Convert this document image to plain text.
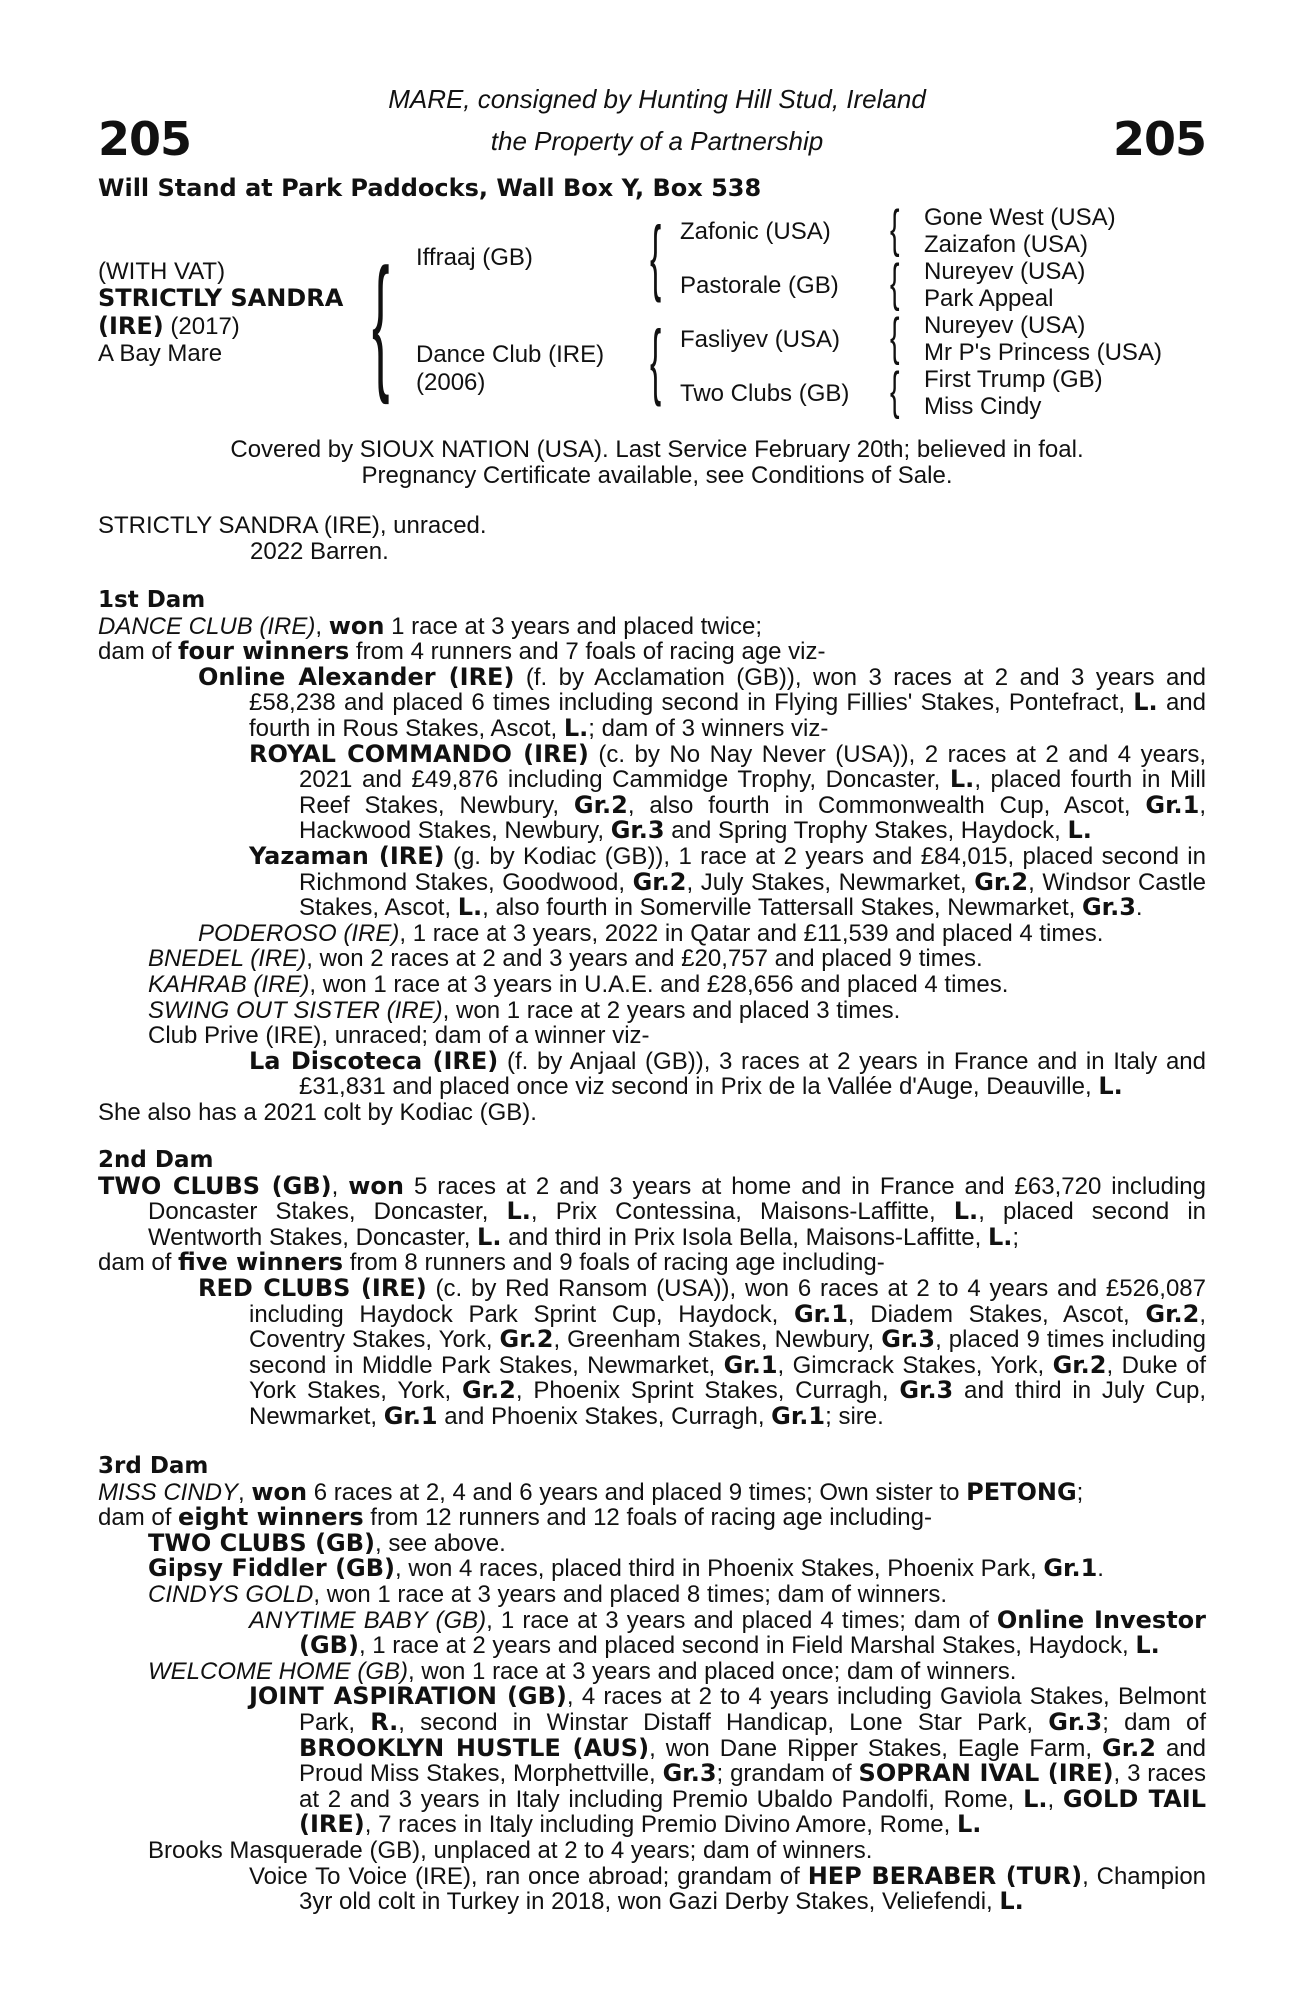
205	205
MARE, consigned by Hunting Hill Stud, Ireland
the Property of a Partnership
Will Stand at Park Paddocks, Wall Box Y, Box 538
(WITH VAT)
STRICTLY SANDRA
(IRE) (2017)
A Bay Mare { Iffraaj (GB)
Dance Club (IRE)
(2006)
{
{
Zafonic (USA)
Pastorale (GB)
Fasliyev (USA)
Two Clubs (GB)
{
{
{
{
Gone West (USA)
Zaizafon (USA)
Nureyev (USA)
Park Appeal
Nureyev (USA)
Mr P's Princess (USA)
First Trump (GB)
Miss Cindy
Covered by SIOUX NATION (USA). Last Service February 20th; believed in foal.
Pregnancy Certificate available, see Conditions of Sale.
STRICTLY SANDRA (IRE), unraced.
2022 Barren.

1st Dam

DANCE CLUB (IRE), won 1 race at 3 years and placed twice;

dam of four winners from 4 runners and 7 foals of racing age viz-

Online Alexander (IRE) (f. by Acclamation (GB)), won 3 races at 2 and 3 years and £58,238 and placed 6 times including second in Flying Fillies' Stakes, Pontefract, L. and fourth in Rous Stakes, Ascot, L.; dam of 3 winners viz-

ROYAL COMMANDO (IRE) (c. by No Nay Never (USA)), 2 races at 2 and 4 years, 2021 and £49,876 including Cammidge Trophy, Doncaster, L., placed fourth in Mill Reef Stakes, Newbury, Gr.2, also fourth in Commonwealth Cup, Ascot, Gr.1, Hackwood Stakes, Newbury, Gr.3 and Spring Trophy Stakes, Haydock, L.

Yazaman (IRE) (g. by Kodiac (GB)), 1 race at 2 years and £84,015, placed second in Richmond Stakes, Goodwood, Gr.2, July Stakes, Newmarket, Gr.2, Windsor Castle Stakes, Ascot, L., also fourth in Somerville Tattersall Stakes, Newmarket, Gr.3.

PODEROSO (IRE), 1 race at 3 years, 2022 in Qatar and £11,539 and placed 4 times.

BNEDEL (IRE), won 2 races at 2 and 3 years and £20,757 and placed 9 times.

KAHRAB (IRE), won 1 race at 3 years in U.A.E. and £28,656 and placed 4 times.

SWING OUT SISTER (IRE), won 1 race at 2 years and placed 3 times.

Club Prive (IRE), unraced; dam of a winner viz-

La Discoteca (IRE) (f. by Anjaal (GB)), 3 races at 2 years in France and in Italy and £31,831 and placed once viz second in Prix de la Vallée d'Auge, Deauville, L.

She also has a 2021 colt by Kodiac (GB).

2nd Dam

TWO CLUBS (GB), won 5 races at 2 and 3 years at home and in France and £63,720 including Doncaster Stakes, Doncaster, L., Prix Contessina, Maisons-Laffitte, L., placed second in Wentworth Stakes, Doncaster, L. and third in Prix Isola Bella, Maisons-Laffitte, L.;

dam of five winners from 8 runners and 9 foals of racing age including-

RED CLUBS (IRE) (c. by Red Ransom (USA)), won 6 races at 2 to 4 years and £526,087 including Haydock Park Sprint Cup, Haydock, Gr.1, Diadem Stakes, Ascot, Gr.2, Coventry Stakes, York, Gr.2, Greenham Stakes, Newbury, Gr.3, placed 9 times including second in Middle Park Stakes, Newmarket, Gr.1, Gimcrack Stakes, York, Gr.2, Duke of York Stakes, York, Gr.2, Phoenix Sprint Stakes, Curragh, Gr.3 and third in July Cup, Newmarket, Gr.1 and Phoenix Stakes, Curragh, Gr.1; sire.

3rd Dam

MISS CINDY, won 6 races at 2, 4 and 6 years and placed 9 times; Own sister to PETONG;

dam of eight winners from 12 runners and 12 foals of racing age including-

TWO CLUBS (GB), see above.

Gipsy Fiddler (GB), won 4 races, placed third in Phoenix Stakes, Phoenix Park, Gr.1.

CINDYS GOLD, won 1 race at 3 years and placed 8 times; dam of winners.

ANYTIME BABY (GB), 1 race at 3 years and placed 4 times; dam of Online Investor (GB), 1 race at 2 years and placed second in Field Marshal Stakes, Haydock, L.

WELCOME HOME (GB), won 1 race at 3 years and placed once; dam of winners.

JOINT ASPIRATION (GB), 4 races at 2 to 4 years including Gaviola Stakes, Belmont Park, R., second in Winstar Distaff Handicap, Lone Star Park, Gr.3; dam of BROOKLYN HUSTLE (AUS), won Dane Ripper Stakes, Eagle Farm, Gr.2 and Proud Miss Stakes, Morphettville, Gr.3; grandam of SOPRAN IVAL (IRE), 3 races at 2 and 3 years in Italy including Premio Ubaldo Pandolfi, Rome, L., GOLD TAIL (IRE), 7 races in Italy including Premio Divino Amore, Rome, L.

Brooks Masquerade (GB), unplaced at 2 to 4 years; dam of winners.

Voice To Voice (IRE), ran once abroad; grandam of HEP BERABER (TUR), Champion 3yr old colt in Turkey in 2018, won Gazi Derby Stakes, Veliefendi, L.
